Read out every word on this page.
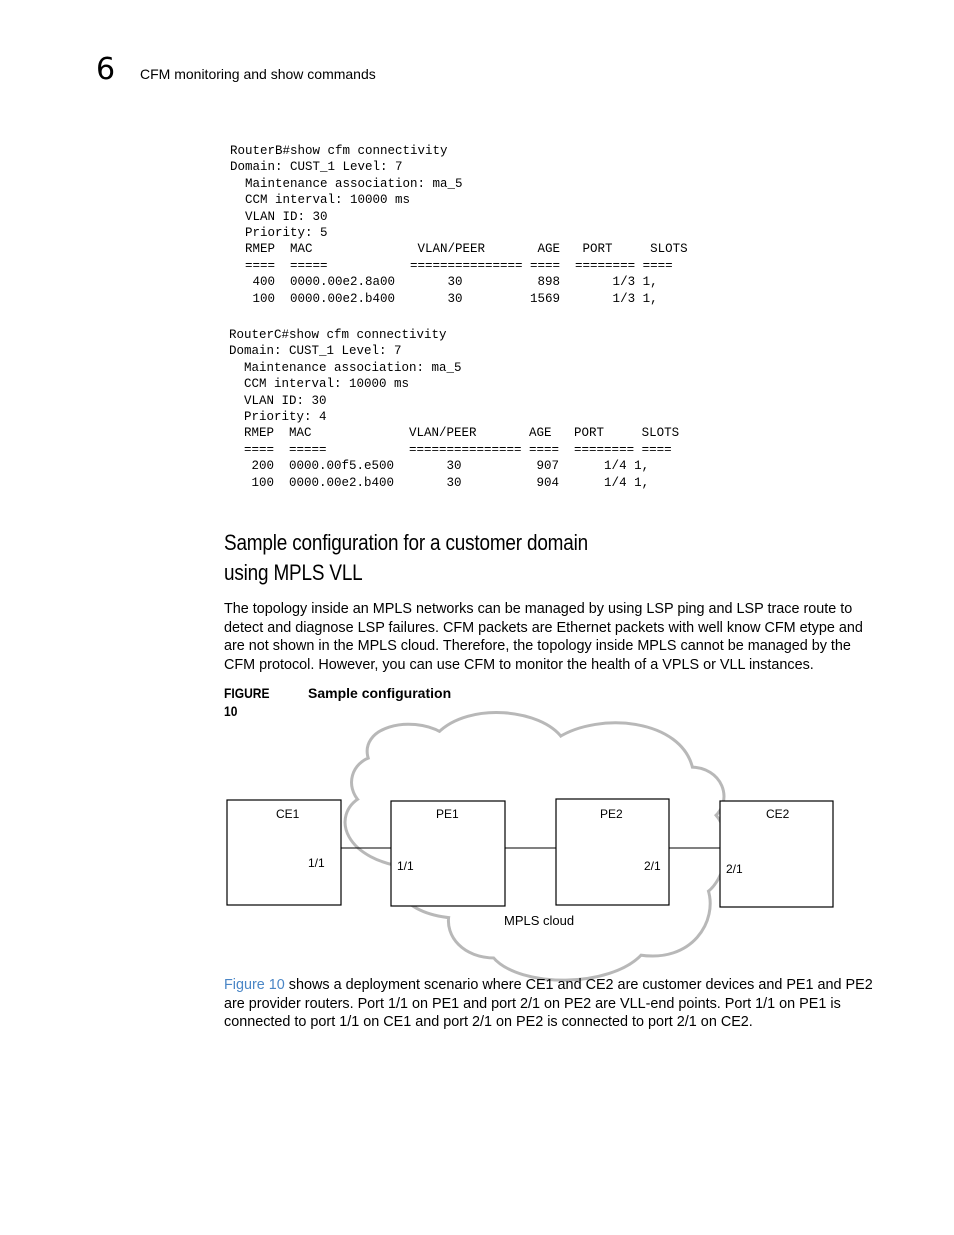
6 CFM monitoring and show commands
RouterB#show cfm connectivity
Domain: CUST_1 Level: 7
Maintenance association: ma_5
CCM interval: 10000 ms
VLAN ID: 30
Priority: 5
RMEP  MAC              VLAN/PEER       AGE   PORT     SLOTS
====  =====           =============== ====  ======== ====
400  0000.00e2.8a00       30          898       1/3 1,
100  0000.00e2.b400       30         1569       1/3 1,

RouterC#show cfm connectivity
Domain: CUST_1 Level: 7
Maintenance association: ma_5
CCM interval: 10000 ms
VLAN ID: 30
Priority: 4
RMEP  MAC             VLAN/PEER       AGE   PORT     SLOTS
====  =====           =============== ====  ======== ====
200  0000.00f5.e500       30          907      1/4 1,
100  0000.00e2.b400       30          904      1/4 1,

Sample configuration for a customer domain
using MPLS VLL
The topology inside an MPLS networks can be managed by using LSP ping and LSP trace route to detect and diagnose LSP failures. CFM packets are Ethernet packets with well know CFM etype and are not shown in the MPLS cloud. Therefore, the topology inside MPLS cannot be managed by the CFM protocol. However, you can use CFM to monitor the health of a VPLS or VLL instances.
FIGURE 10
Sample configuration
MPLS cloud
CE1
1/1
PE1
1/1
PE2
2/1
CE2
2/1
Figure 10 shows a deployment scenario where CE1 and CE2 are customer devices and PE1 and PE2 are provider routers. Port 1/1 on PE1 and port 2/1 on PE2 are VLL-end points. Port 1/1 on PE1 is connected to port 1/1 on CE1 and port 2/1 on PE2 is connected to port 2/1 on CE2.
